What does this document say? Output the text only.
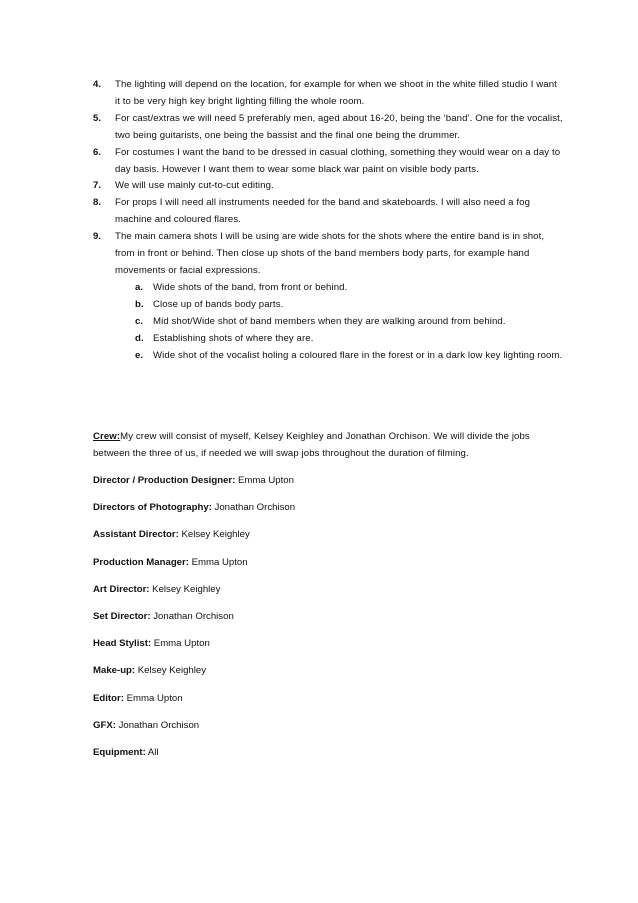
4. The lighting will depend on the location, for example for when we shoot in the white filled studio I want it to be very high key bright lighting filling the whole room.
5. For cast/extras we will need 5 preferably men, aged about 16-20, being the ‘band’. One for the vocalist, two being guitarists, one being the bassist and the final one being the drummer.
6. For costumes I want the band to be dressed in casual clothing, something they would wear on a day to day basis. However I want them to wear some black war paint on visible body parts.
7. We will use mainly cut-to-cut editing.
8. For props I will need all instruments needed for the band and skateboards. I will also need a fog machine and coloured flares.
9. The main camera shots I will be using are wide shots for the shots where the entire band is in shot, from in front or behind. Then close up shots of the band members body parts, for example hand movements or facial expressions.
a. Wide shots of the band, from front or behind.
b. Close up of bands body parts.
c. Mid shot/Wide shot of band members when they are walking around from behind.
d. Establishing shots of where they are.
e. Wide shot of the vocalist holing a coloured flare in the forest or in a dark low key lighting room.

Crew:My crew will consist of myself, Kelsey Keighley and Jonathan Orchison. We will divide the jobs between the three of us, if needed we will swap jobs throughout the duration of filming.

Director / Production Designer: Emma Upton
Directors of Photography: Jonathan Orchison
Assistant Director: Kelsey Keighley
Production Manager: Emma Upton
Art Director: Kelsey Keighley
Set Director: Jonathan Orchison
Head Stylist: Emma Upton
Make-up: Kelsey Keighley
Editor: Emma Upton
GFX: Jonathan Orchison
Equipment: All
